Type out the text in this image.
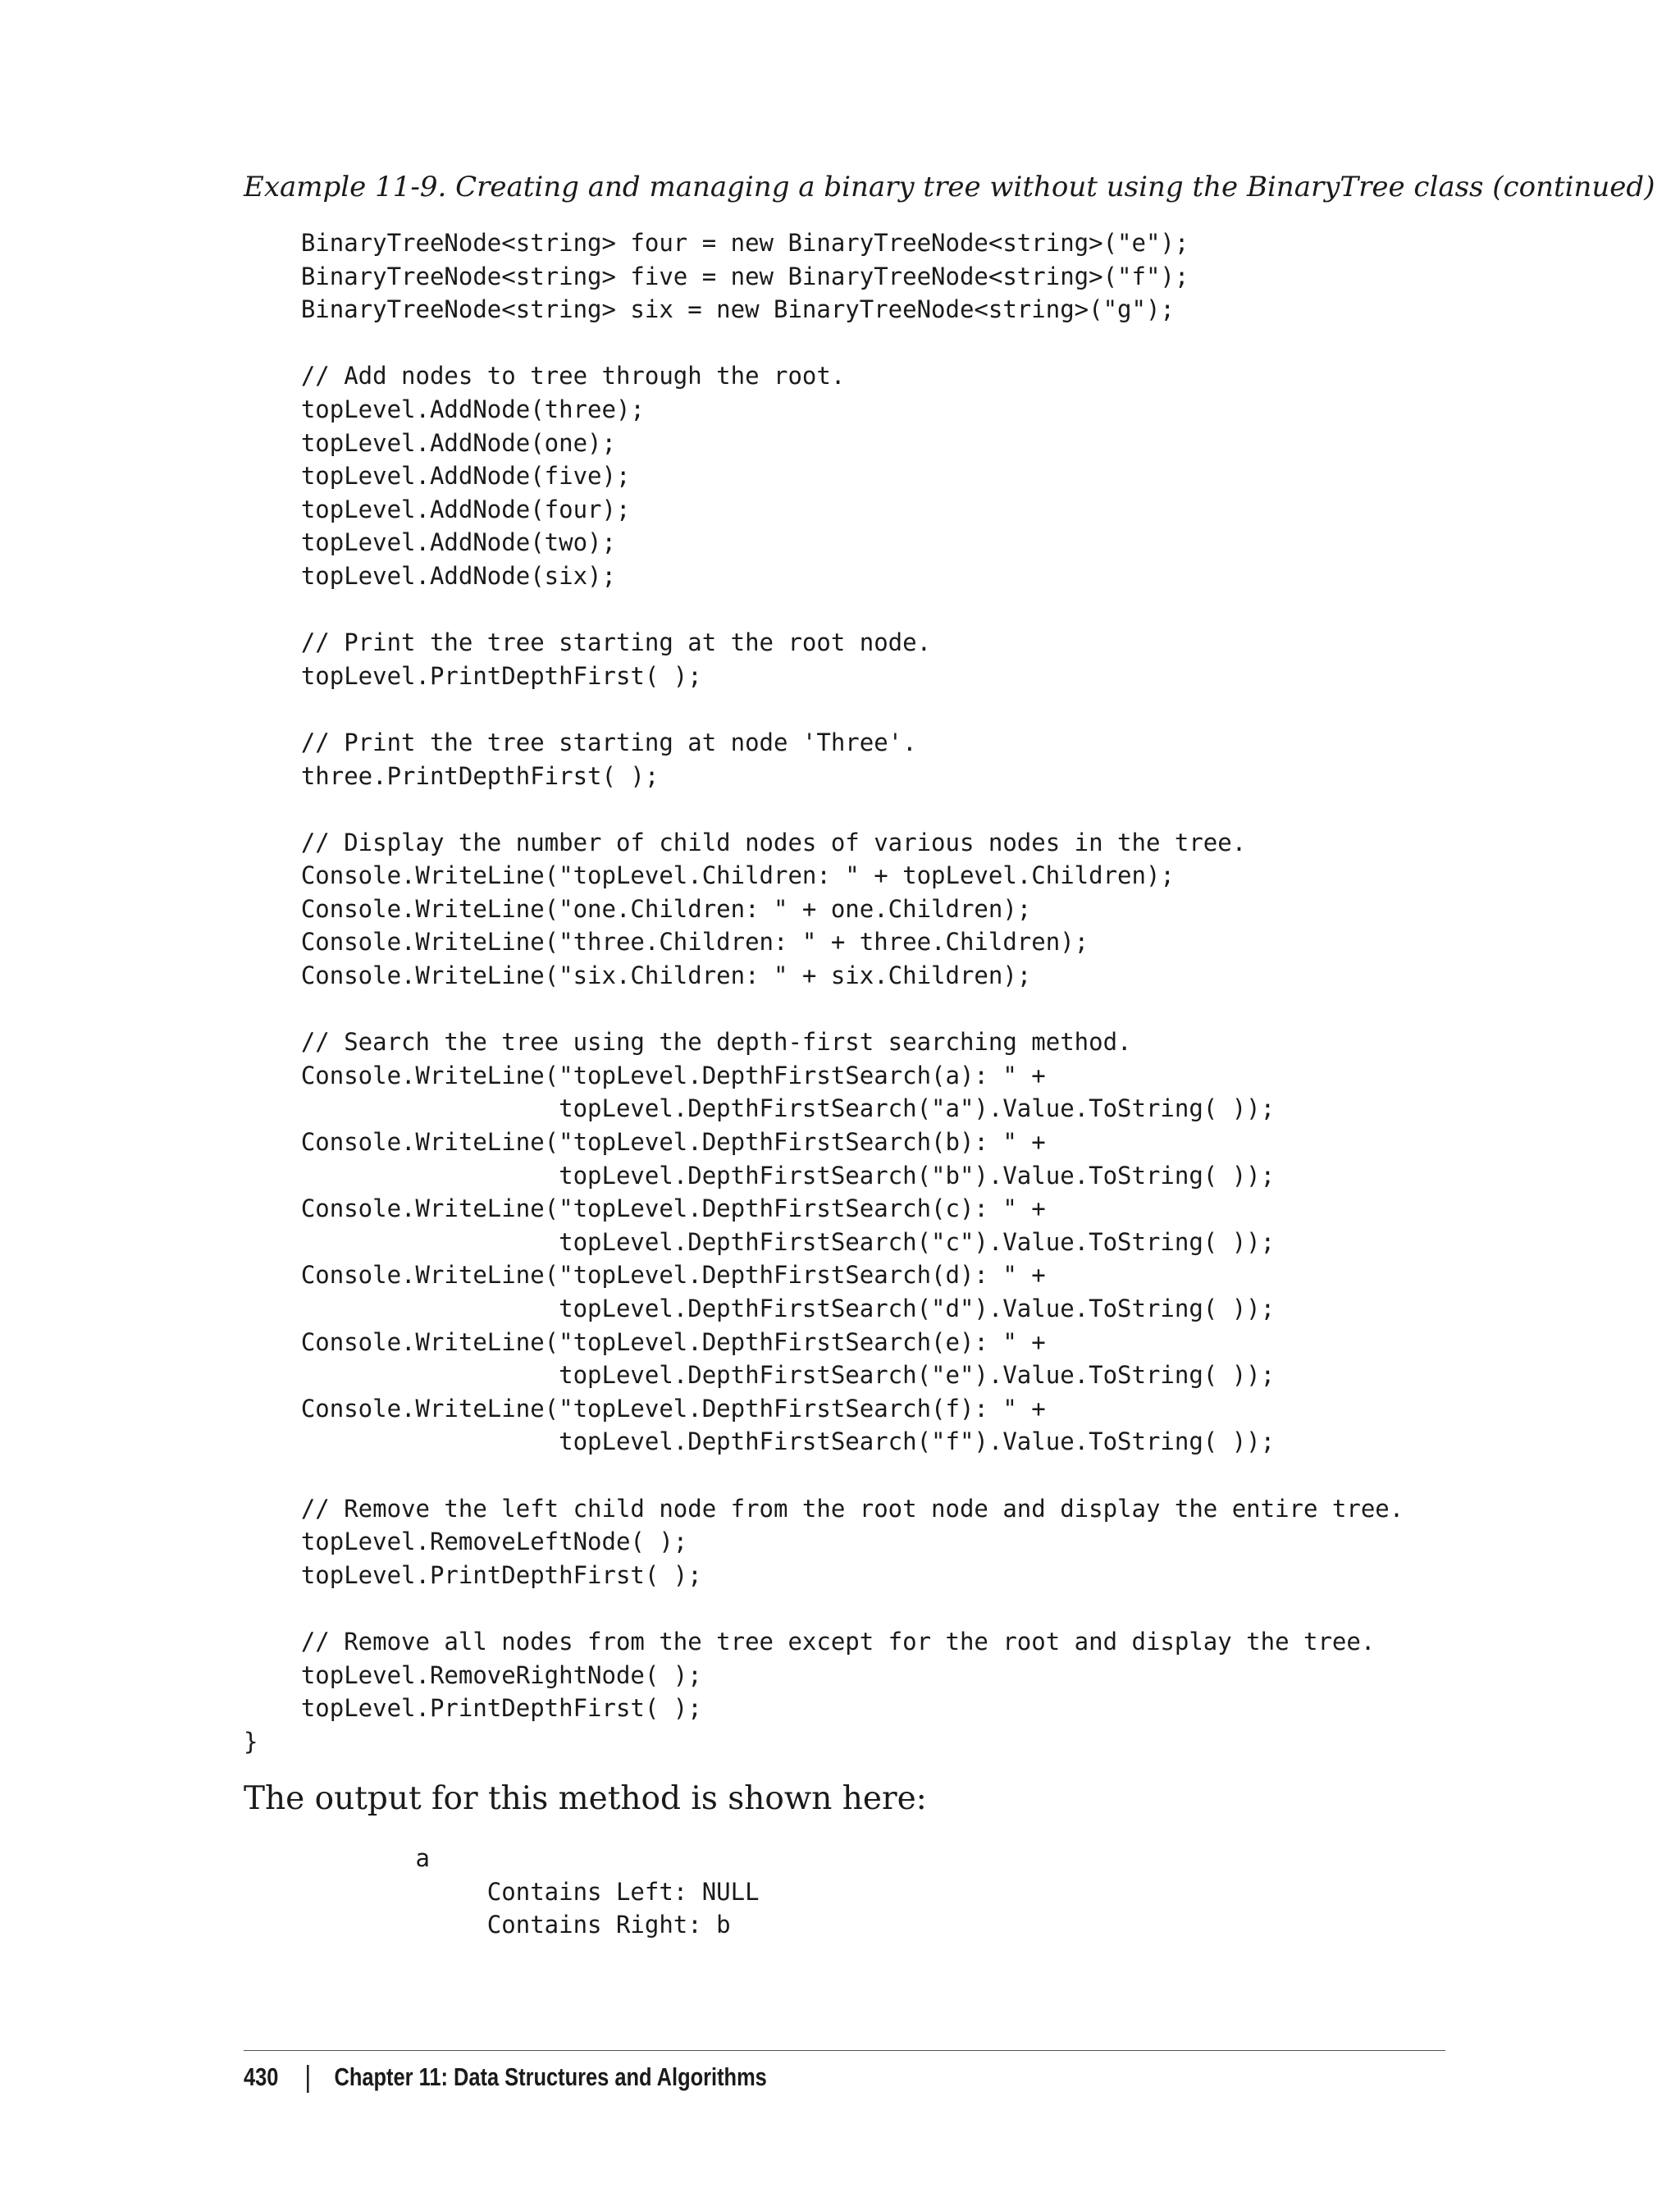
Example 11-9. Creating and managing a binary tree without using the BinaryTree class (continued)

BinaryTreeNode<string> four = new BinaryTreeNode<string>("e");
BinaryTreeNode<string> five = new BinaryTreeNode<string>("f");
BinaryTreeNode<string> six = new BinaryTreeNode<string>("g");
// Add nodes to tree through the root.
topLevel.AddNode(three);
topLevel.AddNode(one);
topLevel.AddNode(five);
topLevel.AddNode(four);
topLevel.AddNode(two);
topLevel.AddNode(six);
// Print the tree starting at the root node.
topLevel.PrintDepthFirst( );
// Print the tree starting at node 'Three'.
three.PrintDepthFirst( );
// Display the number of child nodes of various nodes in the tree.
Console.WriteLine("topLevel.Children: " + topLevel.Children);
Console.WriteLine("one.Children: " + one.Children);
Console.WriteLine("three.Children: " + three.Children);
Console.WriteLine("six.Children: " + six.Children);
// Search the tree using the depth-first searching method.
Console.WriteLine("topLevel.DepthFirstSearch(a): " +
topLevel.DepthFirstSearch("a").Value.ToString( ));
Console.WriteLine("topLevel.DepthFirstSearch(b): " +
topLevel.DepthFirstSearch("b").Value.ToString( ));
Console.WriteLine("topLevel.DepthFirstSearch(c): " +
topLevel.DepthFirstSearch("c").Value.ToString( ));
Console.WriteLine("topLevel.DepthFirstSearch(d): " +
topLevel.DepthFirstSearch("d").Value.ToString( ));
Console.WriteLine("topLevel.DepthFirstSearch(e): " +
topLevel.DepthFirstSearch("e").Value.ToString( ));
Console.WriteLine("topLevel.DepthFirstSearch(f): " +
topLevel.DepthFirstSearch("f").Value.ToString( ));
// Remove the left child node from the root node and display the entire tree.
topLevel.RemoveLeftNode( );
topLevel.PrintDepthFirst( );
// Remove all nodes from the tree except for the root and display the tree.
topLevel.RemoveRightNode( );
topLevel.PrintDepthFirst( );
}

The output for this method is shown here:

a
Contains Left: NULL
Contains Right: b
430 Chapter 11: Data Structures and Algorithms
